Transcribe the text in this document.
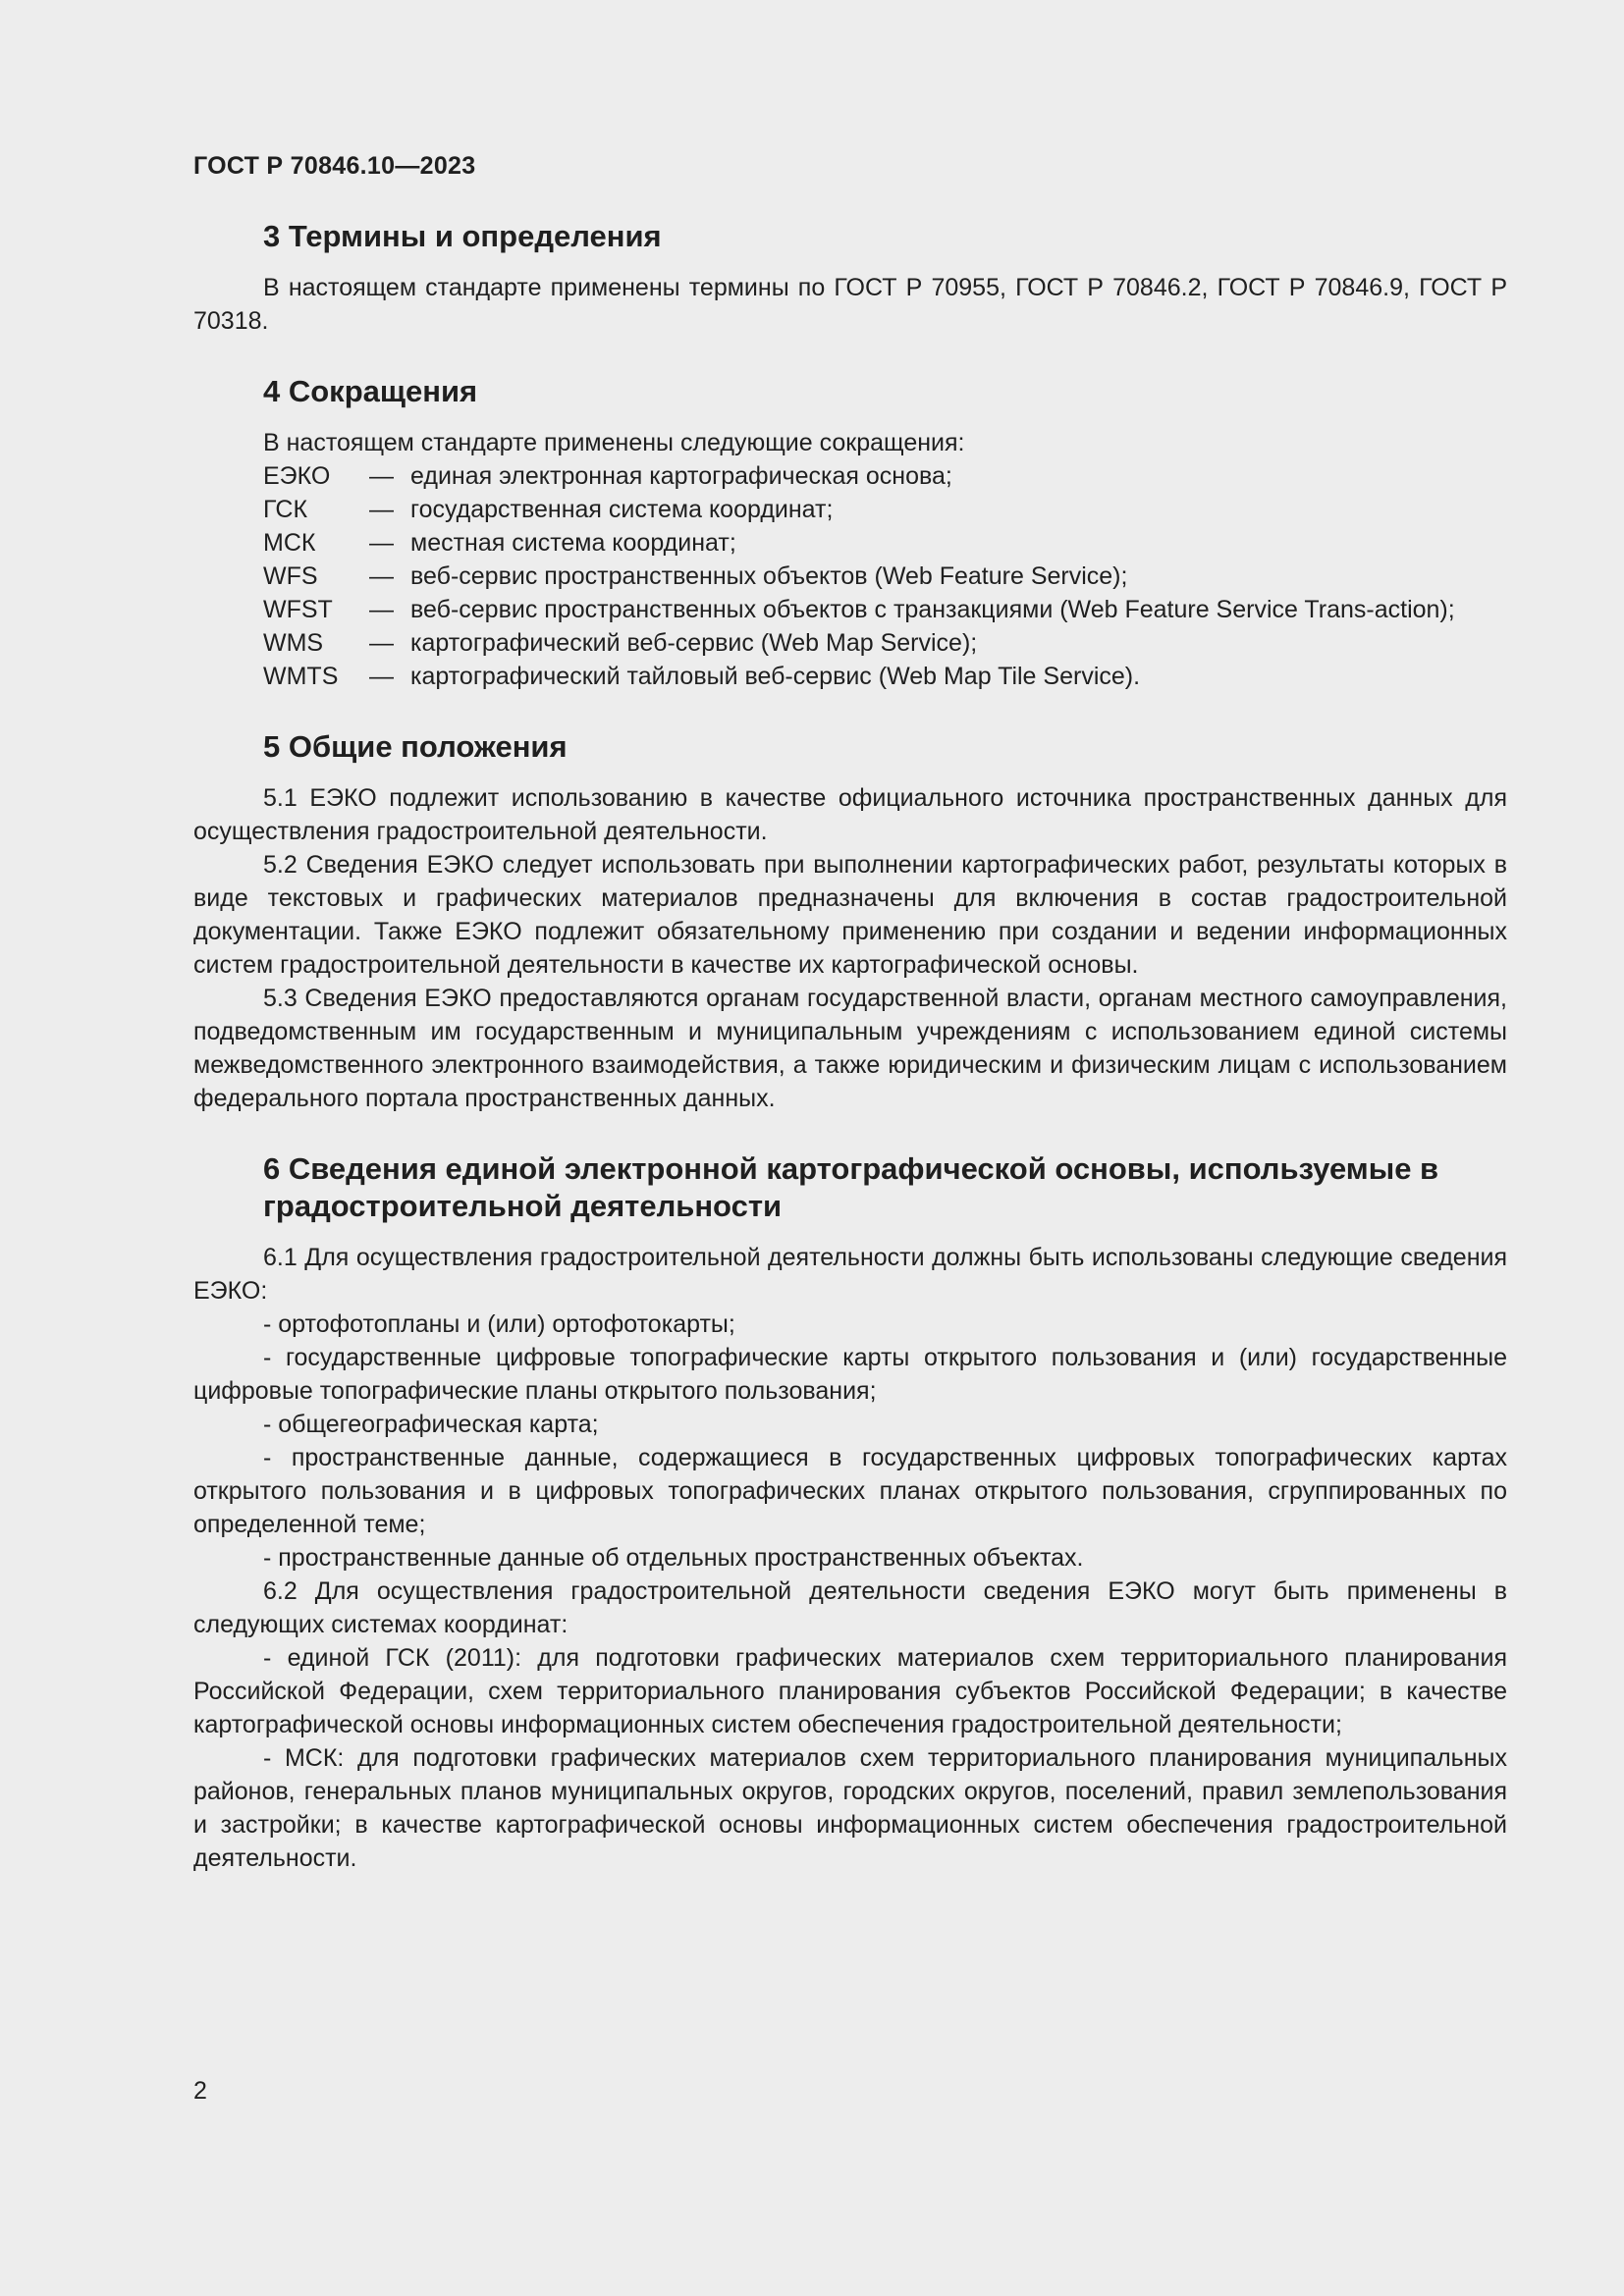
ГОСТ Р 70846.10—2023

3 Термины и определения

В настоящем стандарте применены термины по ГОСТ Р 70955, ГОСТ Р 70846.2, ГОСТ Р 70846.9, ГОСТ Р 70318.

4 Сокращения

В настоящем стандарте применены следующие сокращения:

ЕЭКО	— единая электронная картографическая основа;
ГСК	— государственная система координат;
МСК	— местная система координат;
WFS	— веб-сервис пространственных объектов (Web Feature Service);
WFST	— веб-сервис пространственных объектов с транзакциями (Web Feature Service Trans-action);
WMS	— картографический веб-сервис (Web Map Service);
WMTS	— картографический тайловый веб-сервис (Web Map Tile Service).
5 Общие положения

5.1 ЕЭКО подлежит использованию в качестве официального источника пространственных данных для осуществления градостроительной деятельности.

5.2 Сведения ЕЭКО следует использовать при выполнении картографических работ, результаты которых в виде текстовых и графических материалов предназначены для включения в состав градостроительной документации. Также ЕЭКО подлежит обязательному применению при создании и ведении информационных систем градостроительной деятельности в качестве их картографической основы.

5.3 Сведения ЕЭКО предоставляются органам государственной власти, органам местного самоуправления, подведомственным им государственным и муниципальным учреждениям с использованием единой системы межведомственного электронного взаимодействия, а также юридическим и физическим лицам с использованием федерального портала пространственных данных.

6 Сведения единой электронной картографической основы, используемые в градостроительной деятельности

6.1 Для осуществления градостроительной деятельности должны быть использованы следующие сведения ЕЭКО:

- ортофотопланы и (или) ортофотокарты;

- государственные цифровые топографические карты открытого пользования и (или) государственные цифровые топографические планы открытого пользования;

- общегеографическая карта;

- пространственные данные, содержащиеся в государственных цифровых топографических картах открытого пользования и в цифровых топографических планах открытого пользования, сгруппированных по определенной теме;

- пространственные данные об отдельных пространственных объектах.

6.2 Для осуществления градостроительной деятельности сведения ЕЭКО могут быть применены в следующих системах координат:

- единой ГСК (2011): для подготовки графических материалов схем территориального планирования Российской Федерации, схем территориального планирования субъектов Российской Федерации; в качестве картографической основы информационных систем обеспечения градостроительной деятельности;

- МСК: для подготовки графических материалов схем территориального планирования муниципальных районов, генеральных планов муниципальных округов, городских округов, поселений, правил землепользования и застройки; в качестве картографической основы информационных систем обеспечения градостроительной деятельности.

2
